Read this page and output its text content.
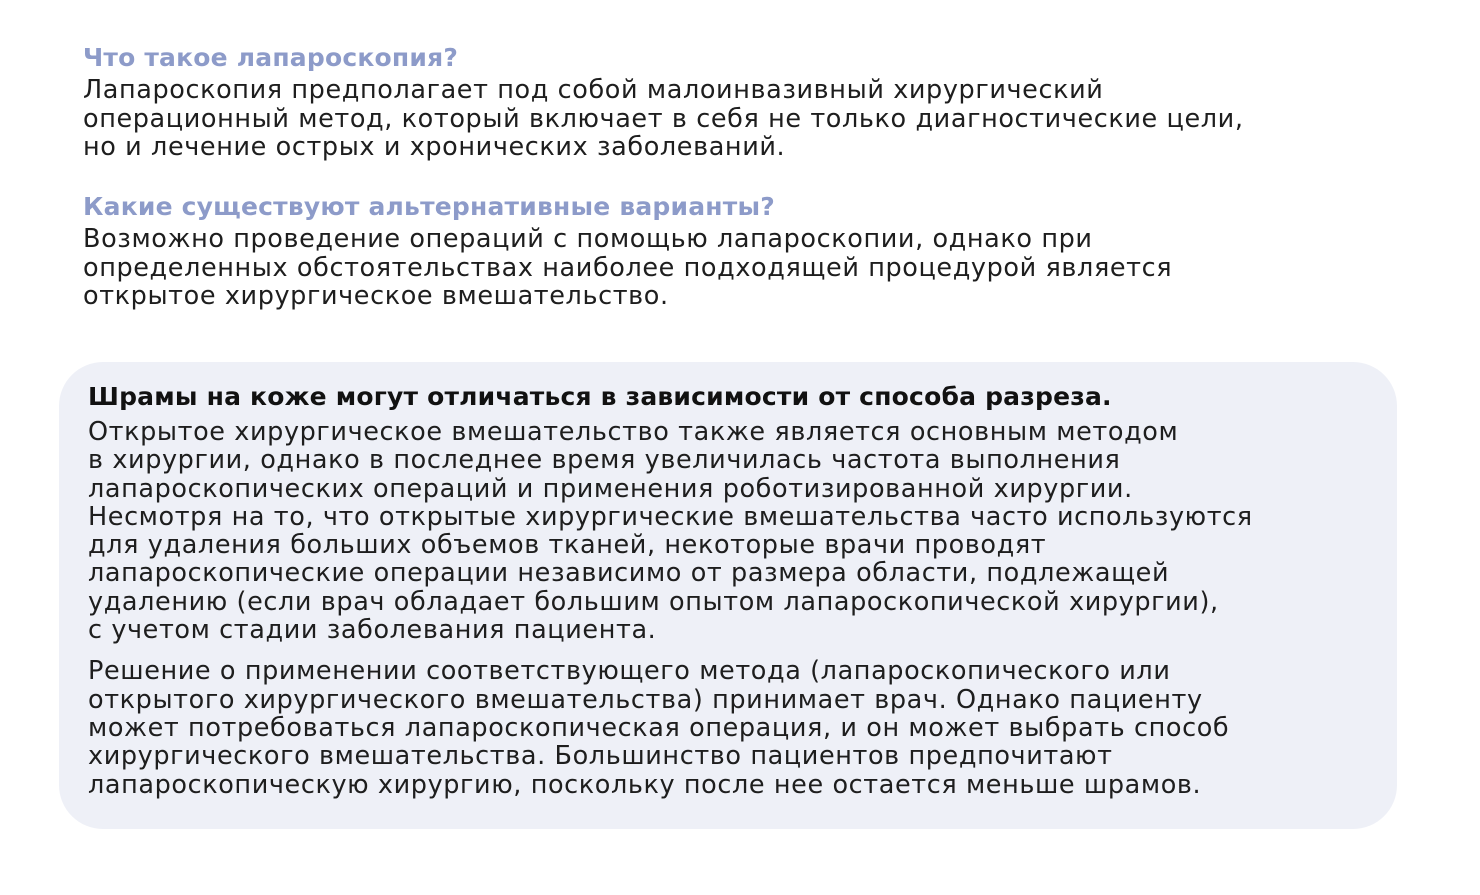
Что такое лапароскопия?

Лапароскопия предполагает под собой малоинвазивный хирургический
операционный метод, который включает в себя не только диагностические цели,
но и лечение острых и хронических заболеваний.

Какие существуют альтернативные варианты?

Возможно проведение операций с помощью лапароскопии, однако при
определенных обстоятельствах наиболее подходящей процедурой является
открытое хирургическое вмешательство.

Шрамы на коже могут отличаться в зависимости от способа разреза.

Открытое хирургическое вмешательство также является основным методом
в хирургии, однако в последнее время увеличилась частота выполнения
лапароскопических операций и применения роботизированной хирургии.
Несмотря на то, что открытые хирургические вмешательства часто используются
для удаления больших объемов тканей, некоторые врачи проводят
лапароскопические операции независимо от размера области, подлежащей
удалению (если врач обладает большим опытом лапароскопической хирургии),
с учетом стадии заболевания пациента.

Решение о применении соответствующего метода (лапароскопического или
открытого хирургического вмешательства) принимает врач. Однако пациенту
может потребоваться лапароскопическая операция, и он может выбрать способ
хирургического вмешательства. Большинство пациентов предпочитают
лапароскопическую хирургию, поскольку после нее остается меньше шрамов.
